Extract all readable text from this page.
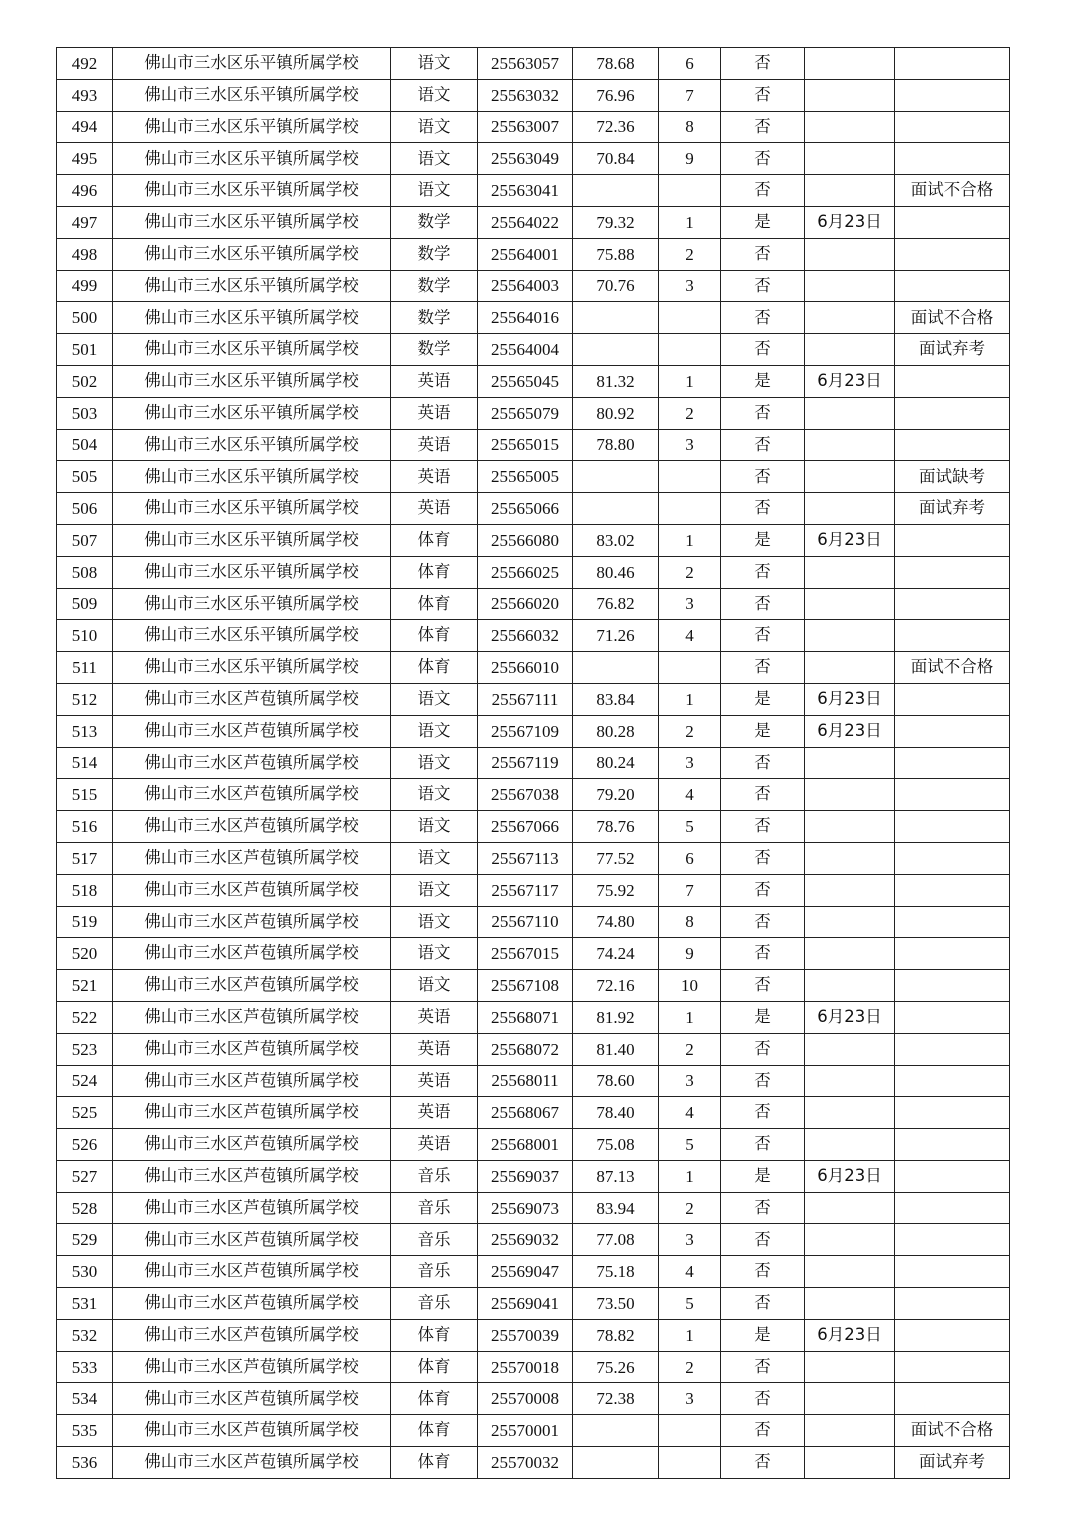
492	佛山市三水区乐平镇所属学校	语文	25563057	78.68	6	否		
493	佛山市三水区乐平镇所属学校	语文	25563032	76.96	7	否		
494	佛山市三水区乐平镇所属学校	语文	25563007	72.36	8	否		
495	佛山市三水区乐平镇所属学校	语文	25563049	70.84	9	否		
496	佛山市三水区乐平镇所属学校	语文	25563041			否		面试不合格
497	佛山市三水区乐平镇所属学校	数学	25564022	79.32	1	是	6月23日	
498	佛山市三水区乐平镇所属学校	数学	25564001	75.88	2	否		
499	佛山市三水区乐平镇所属学校	数学	25564003	70.76	3	否		
500	佛山市三水区乐平镇所属学校	数学	25564016			否		面试不合格
501	佛山市三水区乐平镇所属学校	数学	25564004			否		面试弃考
502	佛山市三水区乐平镇所属学校	英语	25565045	81.32	1	是	6月23日	
503	佛山市三水区乐平镇所属学校	英语	25565079	80.92	2	否		
504	佛山市三水区乐平镇所属学校	英语	25565015	78.80	3	否		
505	佛山市三水区乐平镇所属学校	英语	25565005			否		面试缺考
506	佛山市三水区乐平镇所属学校	英语	25565066			否		面试弃考
507	佛山市三水区乐平镇所属学校	体育	25566080	83.02	1	是	6月23日	
508	佛山市三水区乐平镇所属学校	体育	25566025	80.46	2	否		
509	佛山市三水区乐平镇所属学校	体育	25566020	76.82	3	否		
510	佛山市三水区乐平镇所属学校	体育	25566032	71.26	4	否		
511	佛山市三水区乐平镇所属学校	体育	25566010			否		面试不合格
512	佛山市三水区芦苞镇所属学校	语文	25567111	83.84	1	是	6月23日	
513	佛山市三水区芦苞镇所属学校	语文	25567109	80.28	2	是	6月23日	
514	佛山市三水区芦苞镇所属学校	语文	25567119	80.24	3	否		
515	佛山市三水区芦苞镇所属学校	语文	25567038	79.20	4	否		
516	佛山市三水区芦苞镇所属学校	语文	25567066	78.76	5	否		
517	佛山市三水区芦苞镇所属学校	语文	25567113	77.52	6	否		
518	佛山市三水区芦苞镇所属学校	语文	25567117	75.92	7	否		
519	佛山市三水区芦苞镇所属学校	语文	25567110	74.80	8	否		
520	佛山市三水区芦苞镇所属学校	语文	25567015	74.24	9	否		
521	佛山市三水区芦苞镇所属学校	语文	25567108	72.16	10	否		
522	佛山市三水区芦苞镇所属学校	英语	25568071	81.92	1	是	6月23日	
523	佛山市三水区芦苞镇所属学校	英语	25568072	81.40	2	否		
524	佛山市三水区芦苞镇所属学校	英语	25568011	78.60	3	否		
525	佛山市三水区芦苞镇所属学校	英语	25568067	78.40	4	否		
526	佛山市三水区芦苞镇所属学校	英语	25568001	75.08	5	否		
527	佛山市三水区芦苞镇所属学校	音乐	25569037	87.13	1	是	6月23日	
528	佛山市三水区芦苞镇所属学校	音乐	25569073	83.94	2	否		
529	佛山市三水区芦苞镇所属学校	音乐	25569032	77.08	3	否		
530	佛山市三水区芦苞镇所属学校	音乐	25569047	75.18	4	否		
531	佛山市三水区芦苞镇所属学校	音乐	25569041	73.50	5	否		
532	佛山市三水区芦苞镇所属学校	体育	25570039	78.82	1	是	6月23日	
533	佛山市三水区芦苞镇所属学校	体育	25570018	75.26	2	否		
534	佛山市三水区芦苞镇所属学校	体育	25570008	72.38	3	否		
535	佛山市三水区芦苞镇所属学校	体育	25570001			否		面试不合格
536	佛山市三水区芦苞镇所属学校	体育	25570032			否		面试弃考
